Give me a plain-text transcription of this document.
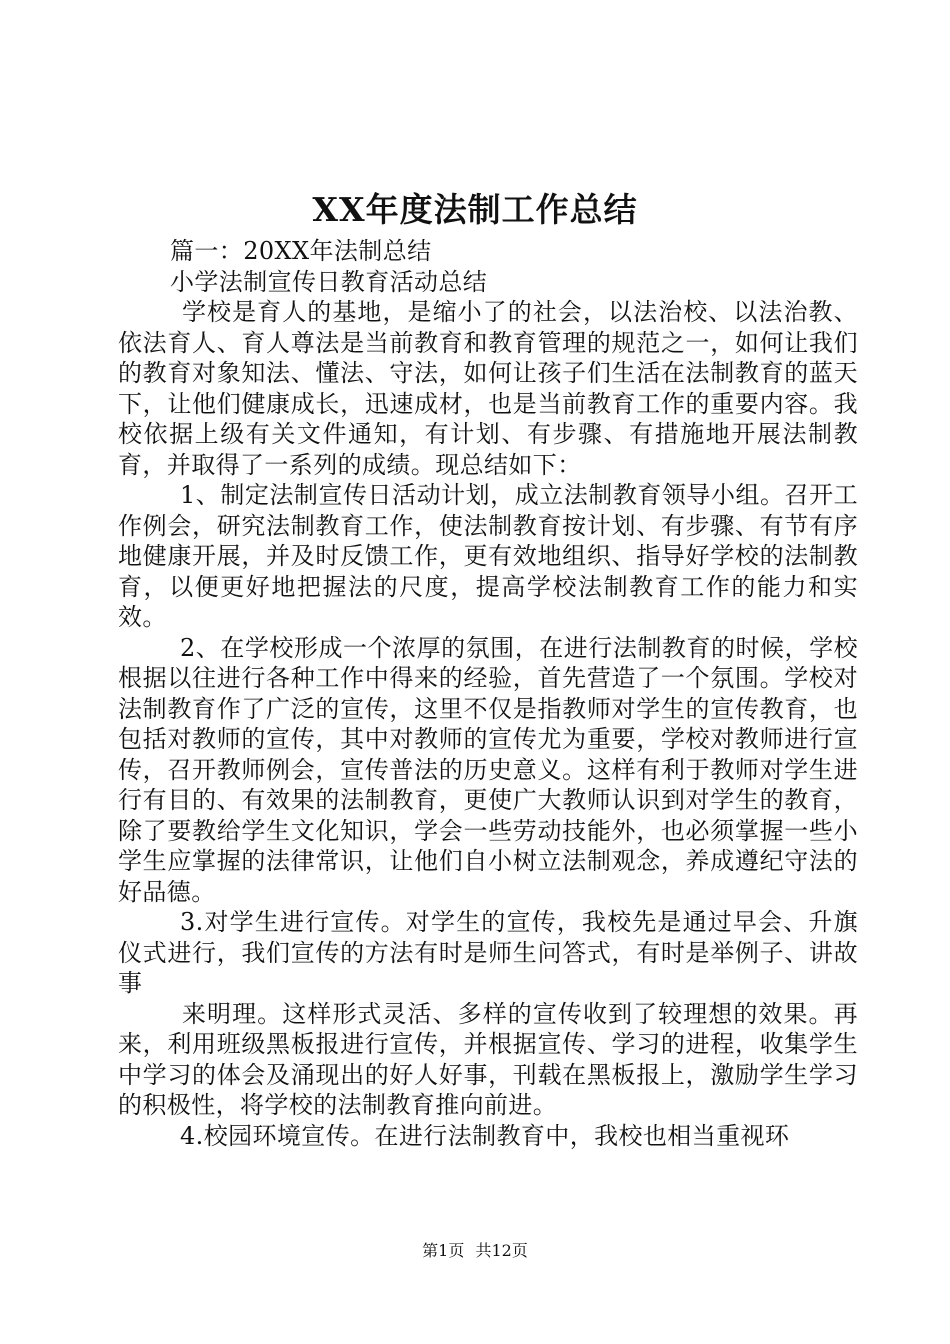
XX年度法制工作总结

篇一：20XX年法制总结

小学法制宣传日教育活动总结

学校是育人的基地，是缩小了的社会，以法治校、以法治教、依法育人、育人尊法是当前教育和教育管理的规范之一，如何让我们的教育对象知法、懂法、守法，如何让孩子们生活在法制教育的蓝天下，让他们健康成长，迅速成材，也是当前教育工作的重要内容。我校依据上级有关文件通知，有计划、有步骤、有措施地开展法制教育，并取得了一系列的成绩。现总结如下：

1、制定法制宣传日活动计划，成立法制教育领导小组。召开工作例会，研究法制教育工作，使法制教育按计划、有步骤、有节有序地健康开展，并及时反馈工作，更有效地组织、指导好学校的法制教育，以便更好地把握法的尺度，提高学校法制教育工作的能力和实效。

2、在学校形成一个浓厚的氛围，在进行法制教育的时候，学校根据以往进行各种工作中得来的经验，首先营造了一个氛围。学校对法制教育作了广泛的宣传，这里不仅是指教师对学生的宣传教育，也包括对教师的宣传，其中对教师的宣传尤为重要，学校对教师进行宣传，召开教师例会，宣传普法的历史意义。这样有利于教师对学生进行有目的、有效果的法制教育，更使广大教师认识到对学生的教育，除了要教给学生文化知识，学会一些劳动技能外，也必须掌握一些小学生应掌握的法律常识，让他们自小树立法制观念，养成遵纪守法的好品德。

3.对学生进行宣传。对学生的宣传，我校先是通过早会、升旗仪式进行，我们宣传的方法有时是师生问答式，有时是举例子、讲故事

来明理。这样形式灵活、多样的宣传收到了较理想的效果。再来，利用班级黑板报进行宣传，并根据宣传、学习的进程，收集学生中学习的体会及涌现出的好人好事，刊载在黑板报上，激励学生学习的积极性，将学校的法制教育推向前进。

4.校园环境宣传。在进行法制教育中，我校也相当重视环

第1页 共12页
